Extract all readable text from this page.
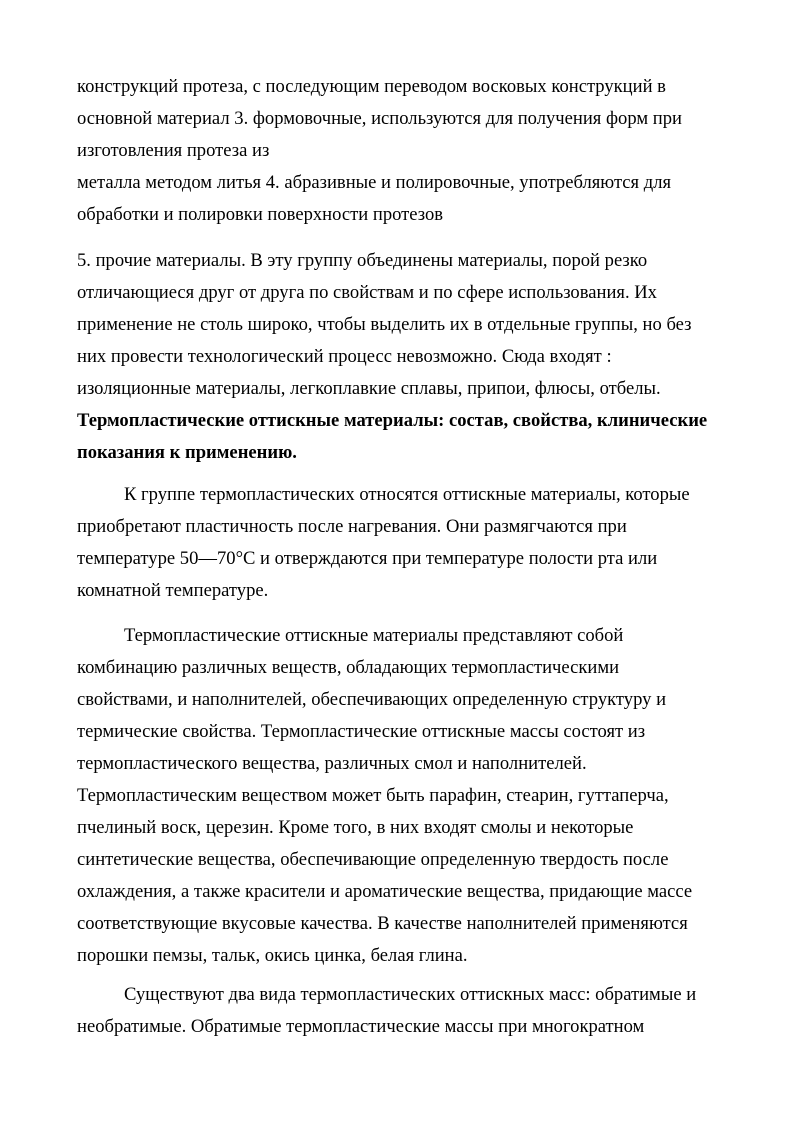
конструкций протеза, с последующим переводом восковых конструкций в
основной материал 3. формовочные, используются для получения форм при
изготовления протеза из
металла методом литья 4. абразивные и полировочные, употребляются для
обработки и полировки поверхности протезов
5. прочие материалы. В эту группу объединены материалы, порой резко
отличающиеся друг от друга по свойствам и по сфере использования. Их
применение не столь широко, чтобы выделить их в отдельные группы, но без
них провести технологический процесс невозможно. Сюда входят :
изоляционные материалы, легкоплавкие сплавы, припои, флюсы, отбелы.
Термопластические оттискные материалы: состав, свойства, клинические
показания к применению.
К группе термопластических относятся оттискные материалы, которые
приобретают пластичность после нагревания. Они размягчаются при
температуре 50—70°С и отверждаются при температуре полости рта или
комнатной температуре.
Термопластические оттискные материалы представляют собой
комбинацию различных веществ, обладающих термопластическими
свойствами, и наполнителей, обеспечивающих определенную структуру и
термические свойства. Термопластические оттискные массы состоят из
термопластического вещества, различных смол и наполнителей.
Термопластическим веществом может быть парафин, стеарин, гуттаперча,
пчелиный воск, церезин. Кроме того, в них входят смолы и некоторые
синтетические вещества, обеспечивающие определенную твердость после
охлаждения, а также красители и ароматические вещества, придающие массе
соответствующие вкусовые качества. В качестве наполнителей применяются
порошки пемзы, тальк, окись цинка, белая глина.
Существуют два вида термопластических оттискных масс: обратимые и
необратимые. Обратимые термопластические массы при многократном
